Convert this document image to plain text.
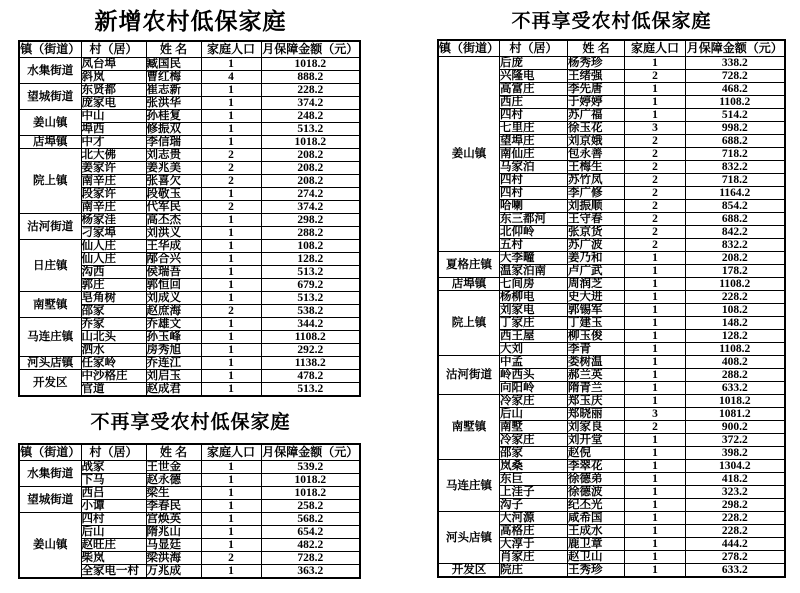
新增农村低保家庭
镇（街道）	村（居）	姓 名	家庭人口	月保障金额（元）
水集街道	凤台埠	臧国民	1	1018.2
	斜岚	曹红梅	4	888.2
望城街道	东贤都	崔志新	1	228.2
	庞家电	张洪华	1	374.2
姜山镇	中山	孙桂复	1	248.2
	埠西	修振双	1	513.2
店埠镇	中才	李信瑞	1	1018.2
院上镇	北大佛	刘志贵	2	208.2
	姜家许	姜兆美	2	208.2
	南辛庄	张喜欠	2	208.2
	段家许	段敬玉	1	274.2
	南辛庄	代军民	2	374.2
沽河街道	杨家洼	高丕杰	1	298.2
	刁家埠	刘洪义	1	288.2
日庄镇	仙人庄	王华成	1	108.2
	仙人庄	邴合兴	1	128.2
	沟西	侯瑞吾	1	513.2
	郭庄	郭恒回	1	679.2
南墅镇	皂角树	刘成义	1	513.2
	邵家	赵庶海	2	538.2
马连庄镇	乔家	乔雄文	1	344.2
	山北头	孙玉峰	1	1108.2
	泗水	房秀旭	1	292.2
河头店镇	任家岭	乔连江	1	1138.2
开发区	中沙格庄	刘启玉	1	478.2
	官道	赵成君	1	513.2
不再享受农村低保家庭
镇（街道）	村（居）	姓 名	家庭人口	月保障金额（元）
水集街道	战家	王世金	1	539.2
	下马	赵永德	1	1018.2
望城街道	西吕	梁生	1	1018.2
	小谭	李春民	1	258.2
姜山镇	四村	宫焕英	1	568.2
	后山	隋兆山	1	654.2
	赵旺庄	马显廷	1	482.2
	柴岚	梁洪海	2	728.2
	全家电一村	万兆成	1	363.2
不再享受农村低保家庭
镇（街道）	村（居）	姓 名	家庭人口	月保障金额（元）
姜山镇	后庞	杨秀珍	1	338.2
	兴隆电	王绪强	2	728.2
	高富庄	李先唐	1	468.2
	西庄	于婷婷	1	1108.2
	四村	苏广福	1	514.2
	七里庄	徐玉花	3	998.2
	望埠庄	刘京娥	2	688.2
	南仙庄	包永善	2	718.2
	马家泊	王梅生	2	832.2
	四村	苏竹凤	2	718.2
	四村	李广修	2	1164.2
	哈喇	刘振顺	2	854.2
	东三都河	王守春	2	688.2
	北仰岭	张京货	2	842.2
	五村	苏广波	2	832.2
夏格庄镇	大李疃	姜乃和	1	208.2
	温家泊南	卢广武	1	178.2
店埠镇	七间房	周润芝	1	1108.2
院上镇	杨柳电	史大进	1	228.2
	刘家电	郭锡军	1	108.2
	丁家庄	丁建玉	1	148.2
	西王屋	柳玉俊	1	128.2
	大刘	李青	1	1108.2
沽河街道	中孟	娄树温	1	408.2
	岭西头	郝兰英	1	288.2
	向阳岭	隋青兰	1	633.2
南墅镇	冷家庄	郑玉庆	1	1018.2
	后山	郑晓丽	3	1081.2
	南墅	刘家良	2	900.2
	冷家庄	刘开堂	1	372.2
	邵家	赵倪	1	398.2
马连庄镇	岚桑	李翠花	1	1304.2
	东巨	徐德弟	1	418.2
	上洼子	徐德波	1	323.2
	沟子	纪丕光	1	298.2
河头店镇	大河源	咸希国	1	228.2
	高格庄	王成水	1	228.2
	大淳于	鹿卫章	1	444.2
	肖家庄	赵卫山	1	278.2
开发区	院庄	王秀珍	1	633.2
